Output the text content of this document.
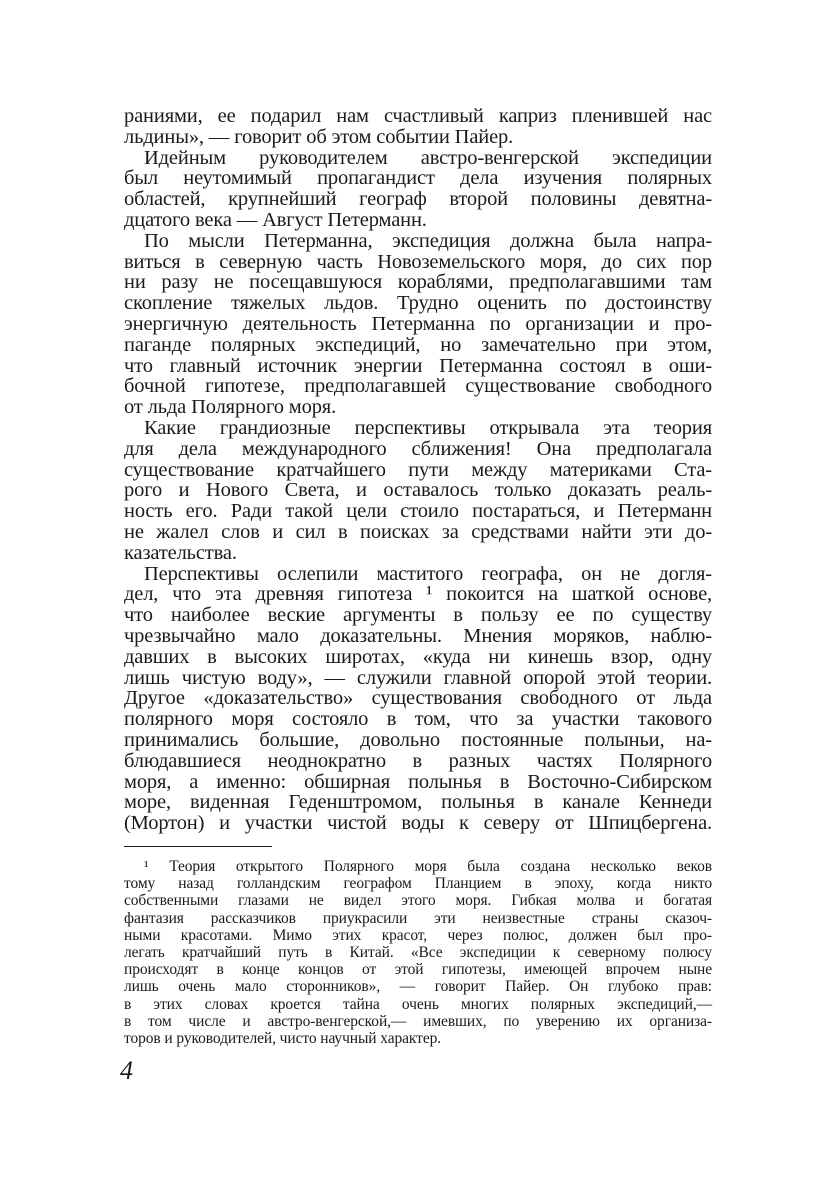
раниями, ее подарил нам счастливый каприз пленившей нас
льдины», — говорит об этом событии Пайер.
Идейным руководителем австро-венгерской экспедиции
был неутомимый пропагандист дела изучения полярных
областей, крупнейший географ второй половины девятна-
дцатого века — Август Петерманн.
По мысли Петерманна, экспедиция должна была напра-
виться в северную часть Новоземельского моря, до сих пор
ни разу не посещавшуюся кораблями, предполагавшими там
скопление тяжелых льдов. Трудно оценить по достоинству
энергичную деятельность Петерманна по организации и про-
паганде полярных экспедиций, но замечательно при этом,
что главный источник энергии Петерманна состоял в оши-
бочной гипотезе, предполагавшей существование свободного
от льда Полярного моря.
Какие грандиозные перспективы открывала эта теория
для дела международного сближения! Она предполагала
существование кратчайшего пути между материками Ста-
рого и Нового Света, и оставалось только доказать реаль-
ность его. Ради такой цели стоило постараться, и Петерманн
не жалел слов и сил в поисках за средствами найти эти до-
казательства.
Перспективы ослепили маститого географа, он не догля-
дел, что эта древняя гипотеза ¹ покоится на шаткой основе,
что наиболее веские аргументы в пользу ее по существу
чрезвычайно мало доказательны. Мнения моряков, наблю-
давших в высоких широтах, «куда ни кинешь взор, одну
лишь чистую воду», — служили главной опорой этой теории.
Другое «доказательство» существования свободного от льда
полярного моря состояло в том, что за участки такового
принимались большие, довольно постоянные полыньи, на-
блюдавшиеся неоднократно в разных частях Полярного
моря, а именно: обширная полынья в Восточно-Сибирском
море, виденная Геденштромом, полынья в канале Кеннеди
(Мортон) и участки чистой воды к северу от Шпицбергена.
¹ Теория открытого Полярного моря была создана несколько веков
тому назад голландским географом Планцием в эпоху, когда никто
собственными глазами не видел этого моря. Гибкая молва и богатая
фантазия рассказчиков приукрасили эти неизвестные страны сказоч-
ными красотами. Мимо этих красот, через полюс, должен был про-
легать кратчайший путь в Китай. «Все экспедиции к северному полюсу
происходят в конце концов от этой гипотезы, имеющей впрочем ныне
лишь очень мало сторонников», — говорит Пайер. Он глубоко прав:
в этих словах кроется тайна очень многих полярных экспедиций,—
в том числе и австро-венгерской,— имевших, по уверению их организа-
торов и руководителей, чисто научный характер.
4
